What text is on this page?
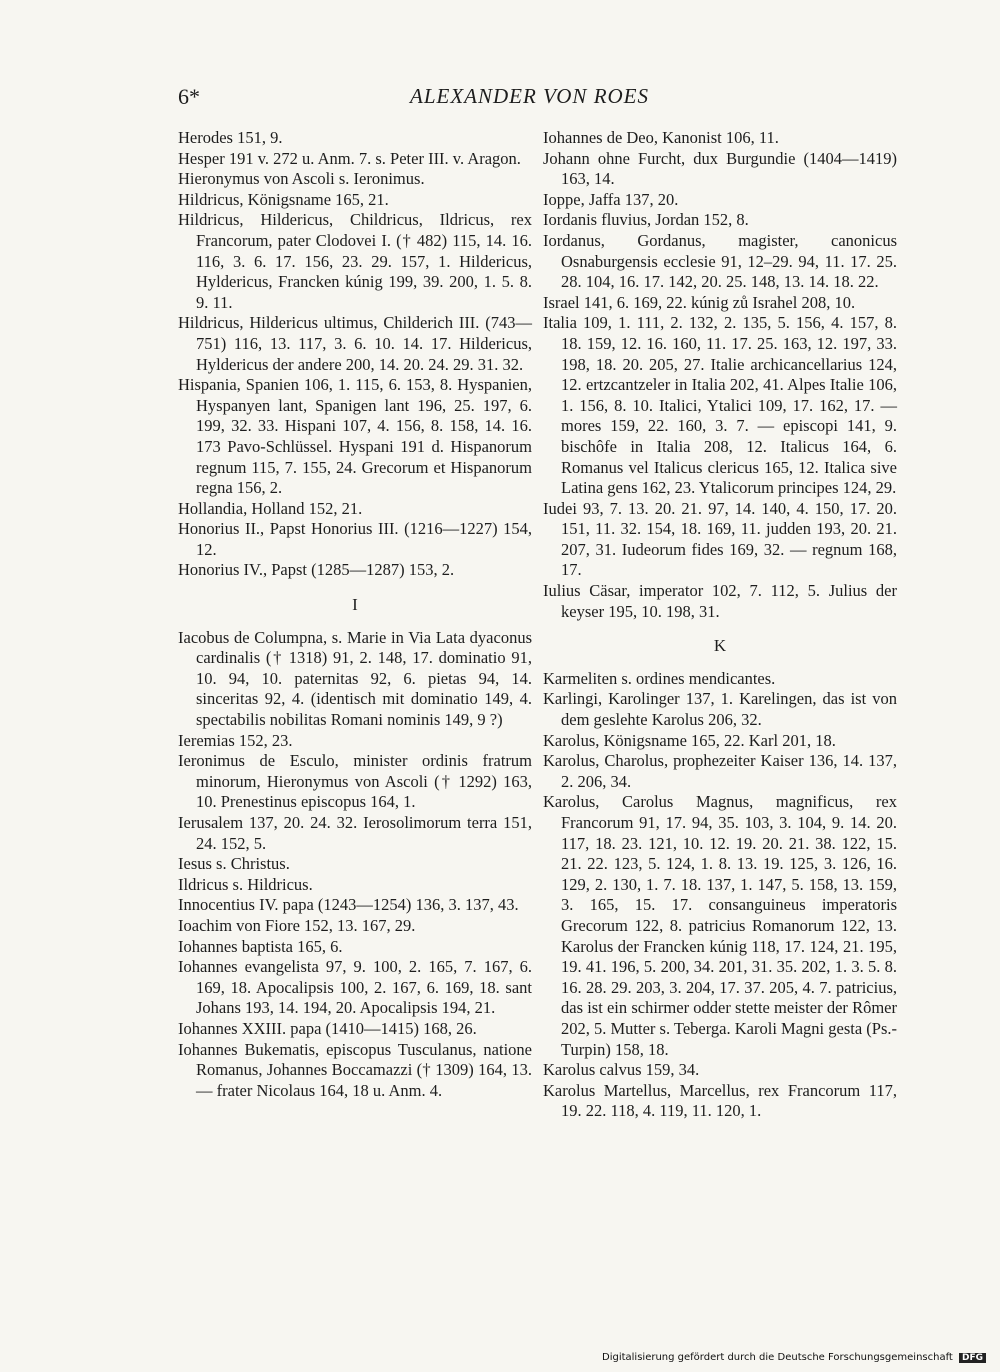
6*	ALEXANDER VON ROES

Herodes 151, 9.

Hesper 191 v. 272 u. Anm. 7. s. Peter III. v. Aragon.

Hieronymus von Ascoli s. Ieronimus.

Hildricus, Königsname 165, 21.

Hildricus, Hildericus, Childricus, Ildricus, rex Francorum, pater Clodovei I. († 482) 115, 14. 16. 116, 3. 6. 17. 156, 23. 29. 157, 1. Hildericus, Hyldericus, Francken kúnig 199, 39. 200, 1. 5. 8. 9. 11.

Hildricus, Hildericus ultimus, Childerich III. (743—751) 116, 13. 117, 3. 6. 10. 14. 17. Hildericus, Hyldericus der andere 200, 14. 20. 24. 29. 31. 32.

Hispania, Spanien 106, 1. 115, 6. 153, 8. Hyspanien, Hyspanyen lant, Spanigen lant 196, 25. 197, 6. 199, 32. 33. Hispani 107, 4. 156, 8. 158, 14. 16. 173 Pavo-Schlüssel. Hyspani 191 d. Hispanorum regnum 115, 7. 155, 24. Grecorum et Hispanorum regna 156, 2.

Hollandia, Holland 152, 21.

Honorius II., Papst Honorius III. (1216—1227) 154, 12.

Honorius IV., Papst (1285—1287) 153, 2.

I

Iacobus de Columpna, s. Marie in Via Lata dyaconus cardinalis († 1318) 91, 2. 148, 17. dominatio 91, 10. 94, 10. paternitas 92, 6. pietas 94, 14. sinceritas 92, 4. (identisch mit dominatio 149, 4. spectabilis nobilitas Romani nominis 149, 9 ?)

Ieremias 152, 23.

Ieronimus de Esculo, minister ordinis fratrum minorum, Hieronymus von Ascoli († 1292) 163, 10. Prenestinus episcopus 164, 1.

Ierusalem 137, 20. 24. 32. Ierosolimorum terra 151, 24. 152, 5.

Iesus s. Christus.

Ildricus s. Hildricus.

Innocentius IV. papa (1243—1254) 136, 3. 137, 43.

Ioachim von Fiore 152, 13. 167, 29.

Iohannes baptista 165, 6.

Iohannes evangelista 97, 9. 100, 2. 165, 7. 167, 6. 169, 18. Apocalipsis 100, 2. 167, 6. 169, 18. sant Johans 193, 14. 194, 20. Apocalipsis 194, 21.

Iohannes XXIII. papa (1410—1415) 168, 26.

Iohannes Bukematis, episcopus Tusculanus, natione Romanus, Johannes Boccamazzi († 1309) 164, 13. — frater Nicolaus 164, 18 u. Anm. 4.

Iohannes de Deo, Kanonist 106, 11.

Johann ohne Furcht, dux Burgundie (1404—1419) 163, 14.

Ioppe, Jaffa 137, 20.

Iordanis fluvius, Jordan 152, 8.

Iordanus, Gordanus, magister, canonicus Osnaburgensis ecclesie 91, 12–29. 94, 11. 17. 25. 28. 104, 16. 17. 142, 20. 25. 148, 13. 14. 18. 22.

Israel 141, 6. 169, 22. kúnig zů Israhel 208, 10.

Italia 109, 1. 111, 2. 132, 2. 135, 5. 156, 4. 157, 8. 18. 159, 12. 16. 160, 11. 17. 25. 163, 12. 197, 33. 198, 18. 20. 205, 27. Italie archicancellarius 124, 12. ertzcantzeler in Italia 202, 41. Alpes Italie 106, 1. 156, 8. 10. Italici, Ytalici 109, 17. 162, 17. — mores 159, 22. 160, 3. 7. — episcopi 141, 9. bischôfe in Italia 208, 12. Italicus 164, 6. Romanus vel Italicus clericus 165, 12. Italica sive Latina gens 162, 23. Ytalicorum principes 124, 29.

Iudei 93, 7. 13. 20. 21. 97, 14. 140, 4. 150, 17. 20. 151, 11. 32. 154, 18. 169, 11. judden 193, 20. 21. 207, 31. Iudeorum fides 169, 32. — regnum 168, 17.

Iulius Cäsar, imperator 102, 7. 112, 5. Julius der keyser 195, 10. 198, 31.

K

Karmeliten s. ordines mendicantes.

Karlingi, Karolinger 137, 1. Karelingen, das ist von dem geslehte Karolus 206, 32.

Karolus, Königsname 165, 22. Karl 201, 18.

Karolus, Charolus, prophezeiter Kaiser 136, 14. 137, 2. 206, 34.

Karolus, Carolus Magnus, magnificus, rex Francorum 91, 17. 94, 35. 103, 3. 104, 9. 14. 20. 117, 18. 23. 121, 10. 12. 19. 20. 21. 38. 122, 15. 21. 22. 123, 5. 124, 1. 8. 13. 19. 125, 3. 126, 16. 129, 2. 130, 1. 7. 18. 137, 1. 147, 5. 158, 13. 159, 3. 165, 15. 17. consanguineus imperatoris Grecorum 122, 8. patricius Romanorum 122, 13. Karolus der Francken kúnig 118, 17. 124, 21. 195, 19. 41. 196, 5. 200, 34. 201, 31. 35. 202, 1. 3. 5. 8. 16. 28. 29. 203, 3. 204, 17. 37. 205, 4. 7. patricius, das ist ein schirmer odder stette meister der Rômer 202, 5. Mutter s. Teberga. Karoli Magni gesta (Ps.-Turpin) 158, 18.

Karolus calvus 159, 34.

Karolus Martellus, Marcellus, rex Francorum 117, 19. 22. 118, 4. 119, 11. 120, 1.

Digitalisierung gefördert durch die Deutsche Forschungsgemeinschaft DFG
